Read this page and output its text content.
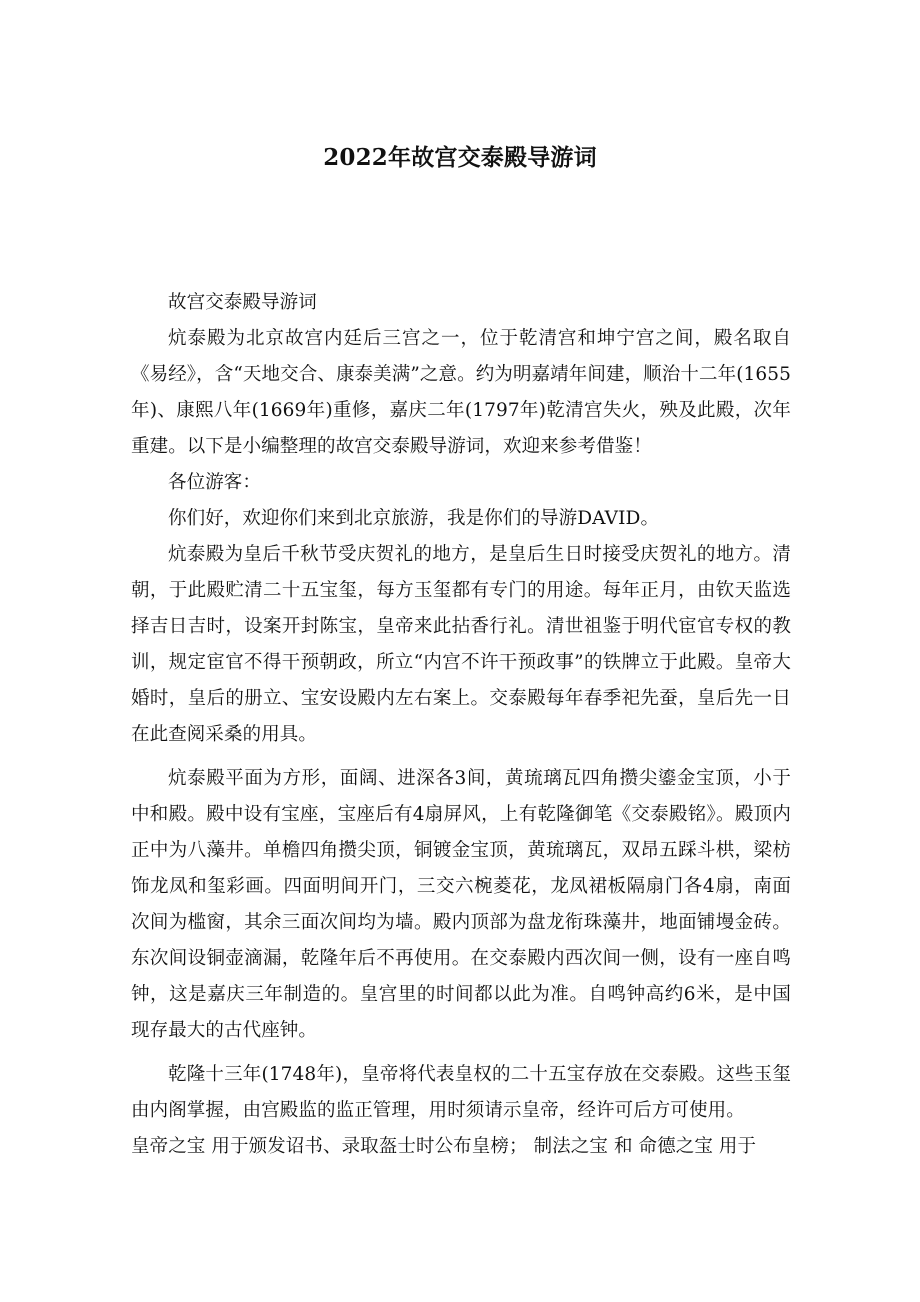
2022年故宫交泰殿导游词

故宫交泰殿导游词

炕泰殿为北京故宫内廷后三宫之一，位于乾清宫和坤宁宫之间，殿名取自《易经》，含“天地交合、康泰美满”之意。约为明嘉靖年间建，顺治十二年(1655年)、康熙八年(1669年)重修，嘉庆二年(1797年)乾清宫失火，殃及此殿，次年重建。以下是小编整理的故宫交泰殿导游词，欢迎来参考借鉴！

各位游客：

你们好，欢迎你们来到北京旅游，我是你们的导游DAVID。

炕泰殿为皇后千秋节受庆贺礼的地方，是皇后生日时接受庆贺礼的地方。清朝，于此殿贮清二十五宝玺，每方玉玺都有专门的用途。每年正月，由钦天监选择吉日吉时，设案开封陈宝，皇帝来此拈香行礼。清世祖鉴于明代宦官专权的教训，规定宦官不得干预朝政，所立“内宫不许干预政事”的铁牌立于此殿。皇帝大婚时，皇后的册立、宝安设殿内左右案上。交泰殿每年春季祀先蚕，皇后先一日在此查阅采桑的用具。

炕泰殿平面为方形，面阔、进深各3间，黄琉璃瓦四角攒尖鎏金宝顶，小于中和殿。殿中设有宝座，宝座后有4扇屏风，上有乾隆御笔《交泰殿铭》。殿顶内正中为八藻井。单檐四角攒尖顶，铜镀金宝顶，黄琉璃瓦，双昂五踩斗栱，梁枋饰龙凤和玺彩画。四面明间开门，三交六椀菱花，龙凤裙板隔扇门各4扇，南面次间为槛窗，其余三面次间均为墙。殿内顶部为盘龙衔珠藻井，地面铺墁金砖。东次间设铜壶滴漏，乾隆年后不再使用。在交泰殿内西次间一侧，设有一座自鸣钟，这是嘉庆三年制造的。皇宫里的时间都以此为准。自鸣钟高约6米，是中国现存最大的古代座钟。

乾隆十三年(1748年)，皇帝将代表皇权的二十五宝存放在交泰殿。这些玉玺由内阁掌握，由宫殿监的监正管理，用时须请示皇帝，经许可后方可使用。

皇帝之宝 用于颁发诏书、录取盔士时公布皇榜； 制法之宝 和 命德之宝 用于
